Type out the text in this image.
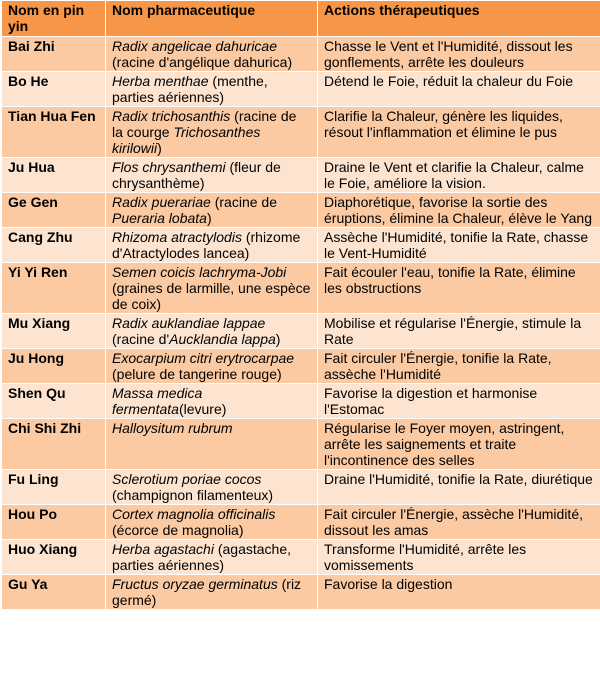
Nom en pin yin	Nom pharmaceutique	Actions thérapeutiques
Bai Zhi	Radix angelicae dahuricae (racine d'angélique dahurica)	Chasse le Vent et l'Humidité, dissout les gonflements, arrête les douleurs
Bo He	Herba menthae (menthe, parties aériennes)	Détend le Foie, réduit la chaleur du Foie
Tian Hua Fen	Radix trichosanthis (racine de la courge Trichosanthes kirilowii)	Clarifie la Chaleur, génère les liquides, résout l'inflammation et élimine le pus
Ju Hua	Flos chrysanthemi (fleur de chrysanthème)	Draine le Vent et clarifie la Chaleur, calme le Foie, améliore la vision.
Ge Gen	Radix puerariae (racine de Pueraria lobata)	Diaphorétique, favorise la sortie des éruptions, élimine la Chaleur, élève le Yang
Cang Zhu	Rhizoma atractylodis (rhizome d'Atractylodes lancea)	Assèche l'Humidité, tonifie la Rate, chasse le Vent-Humidité
Yi Yi Ren	Semen coicis lachryma-Jobi (graines de larmille, une espèce de coix)	Fait écouler l'eau, tonifie la Rate, élimine les obstructions
Mu Xiang	Radix auklandiae lappae (racine d'Aucklandia lappa)	Mobilise et régularise l'Énergie, stimule la Rate
Ju Hong	Exocarpium citri erytrocarpae (pelure de tangerine rouge)	Fait circuler l'Énergie, tonifie la Rate, assèche l'Humidité
Shen Qu	Massa medica fermentata(levure)	Favorise la digestion et harmonise l'Estomac
Chi Shi Zhi	Halloysitum rubrum	Régularise le Foyer moyen, astringent, arrête les saignements et traite l'incontinence des selles
Fu Ling	Sclerotium poriae cocos (champignon filamenteux)	Draine l'Humidité, tonifie la Rate, diurétique
Hou Po	Cortex magnolia officinalis (écorce de magnolia)	Fait circuler l'Énergie, assèche l'Humidité, dissout les amas
Huo Xiang	Herba agastachi (agastache, parties aériennes)	Transforme l'Humidité, arrête les vomissements
Gu Ya	Fructus oryzae germinatus (riz germé)	Favorise la digestion
